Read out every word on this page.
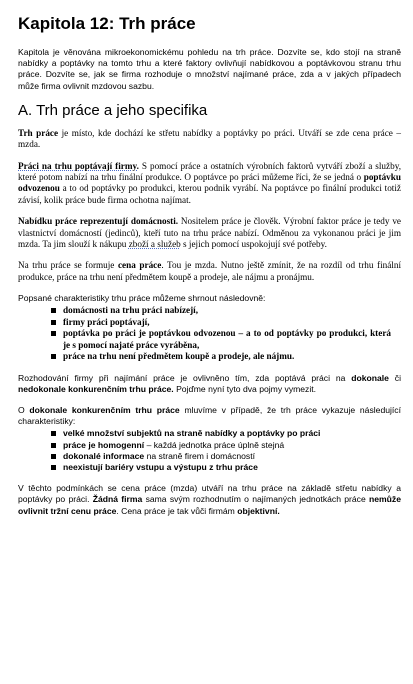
Kapitola 12: Trh práce

Kapitola je věnována mikroekonomickému pohledu na trh práce. Dozvíte se, kdo stojí na straně nabídky a poptávky na tomto trhu a které faktory ovlivňují nabídkovou a poptávkovou stranu trhu práce. Dozvíte se, jak se firma rozhoduje o množství najímané práce, zda a v jakých případech může firma ovlivnit mzdovou sazbu.

A. Trh práce a jeho specifika

Trh práce je místo, kde dochází ke střetu nabídky a poptávky po práci. Utváří se zde cena práce – mzda.

Práci na trhu poptávají firmy. S pomocí práce a ostatních výrobních faktorů vytváří zboží a služby, které potom nabízí na trhu finální produkce. O poptávce po práci můžeme říci, že se jedná o poptávku odvozenou a to od poptávky po produkci, kterou podnik vyrábí. Na poptávce po finální produkci totiž závisí, kolik práce bude firma ochotna najímat.

Nabídku práce reprezentují domácnosti. Nositelem práce je člověk. Výrobní faktor práce je tedy ve vlastnictví domácností (jedinců), kteří tuto na trhu práce nabízí. Odměnou za vykonanou práci je jim mzda. Ta jim slouží k nákupu zboží a služeb s jejich pomocí uspokojují své potřeby.

Na trhu práce se formuje cena práce. Tou je mzda. Nutno ještě zmínit, že na rozdíl od trhu finální produkce, práce na trhu není předmětem koupě a prodeje, ale nájmu a pronájmu.

Popsané charakteristiky trhu práce můžeme shrnout následovně:

domácnosti na trhu práci nabízejí,
firmy práci poptávají,
poptávka po práci je poptávkou odvozenou – a to od poptávky po produkci, která je s pomocí najaté práce vyráběna,
práce na trhu není předmětem koupě a prodeje, ale nájmu.

Rozhodování firmy při najímání práce je ovlivněno tím, zda poptává práci na dokonale či nedokonale konkurenčním trhu práce. Pojďme nyní tyto dva pojmy vymezit.

O dokonale konkurenčním trhu práce mluvíme v případě, že trh práce vykazuje následující charakteristiky:

velké množství subjektů na straně nabídky a poptávky po práci
práce je homogenní – každá jednotka práce úplně stejná
dokonalé informace na straně firem i domácností
neexistují bariéry vstupu a výstupu z trhu práce

V těchto podmínkách se cena práce (mzda) utváří na trhu práce na základě střetu nabídky a poptávky po práci. Žádná firma sama svým rozhodnutím o najímaných jednotkách práce nemůže ovlivnit tržní cenu práce. Cena práce je tak vůči firmám objektivní.
